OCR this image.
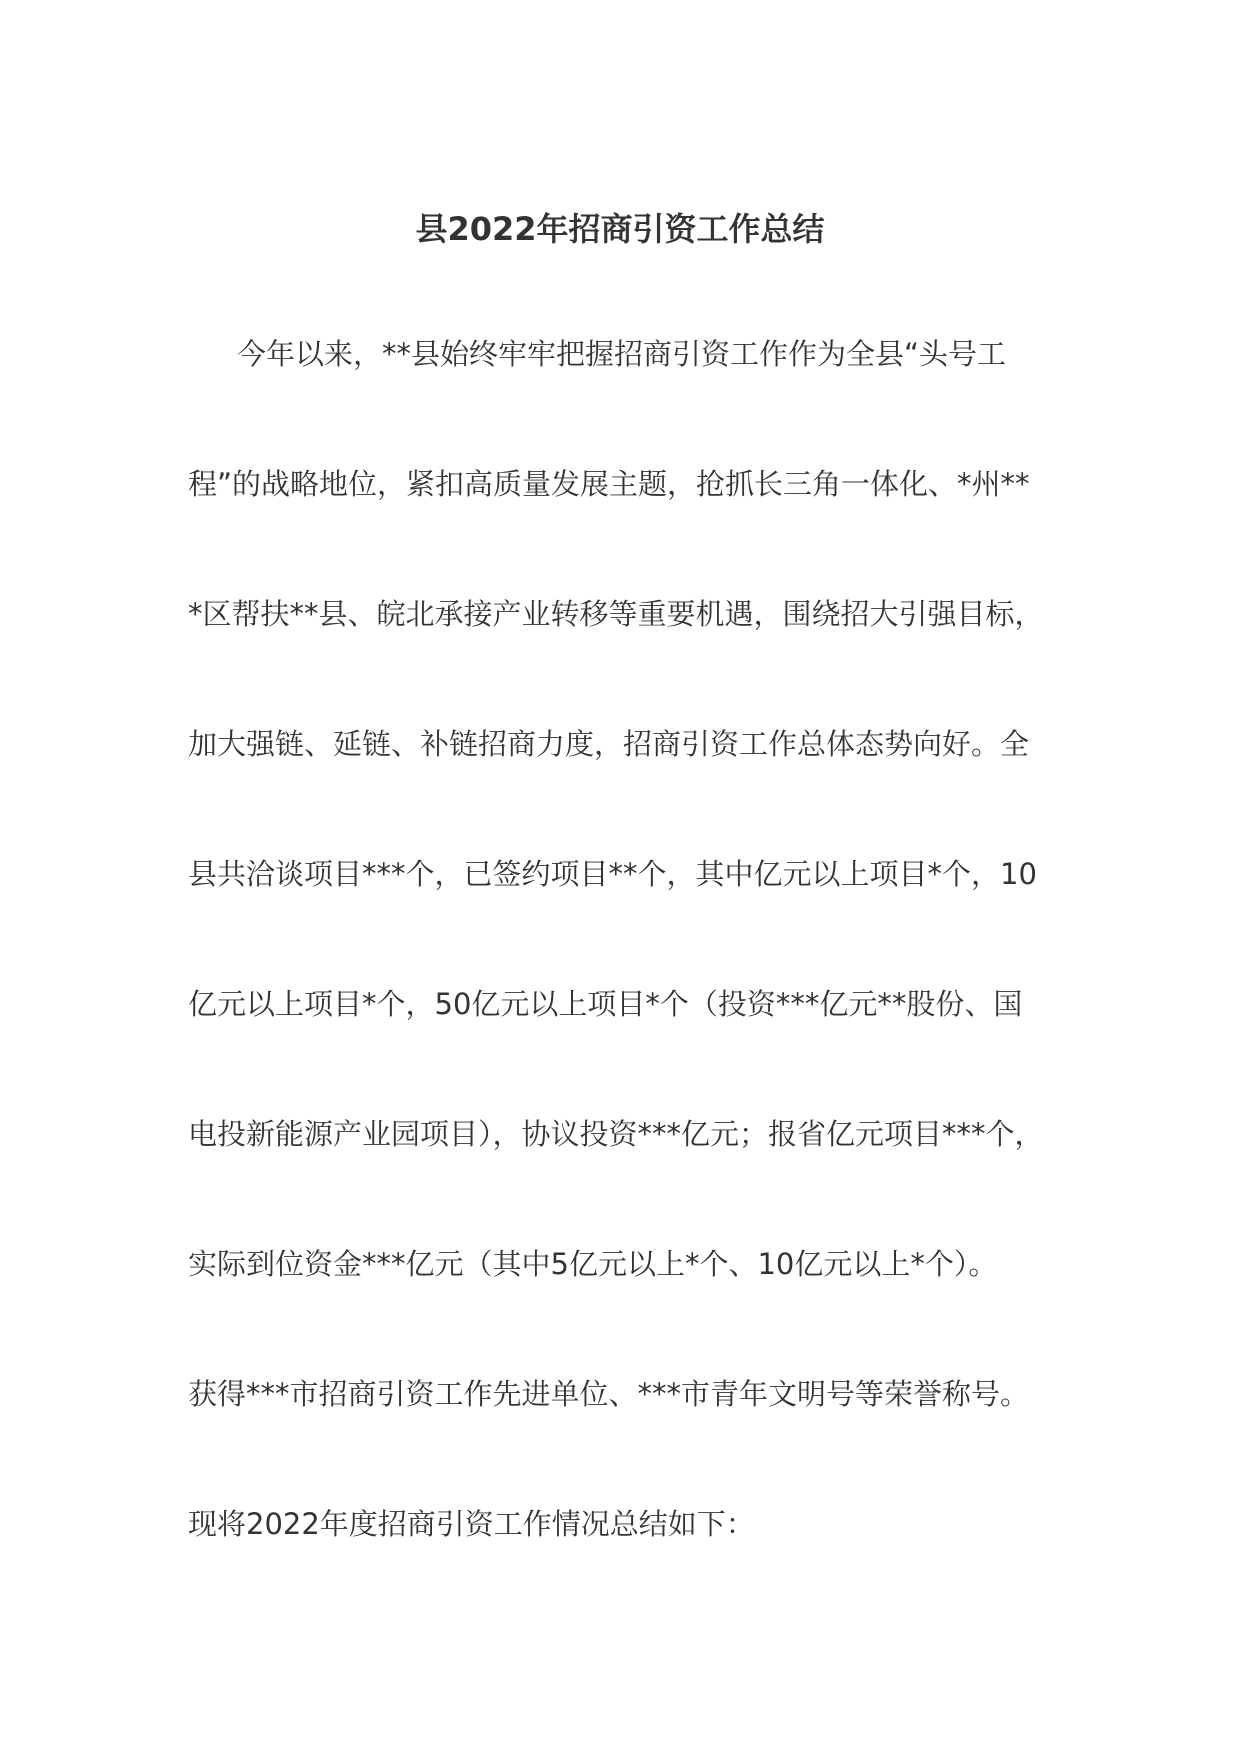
县2022年招商引资工作总结

今年以来，**县始终牢牢把握招商引资工作作为全县“头号工

程”的战略地位，紧扣高质量发展主题，抢抓长三角一体化、*州**

*区帮扶**县、皖北承接产业转移等重要机遇，围绕招大引强目标，

加大强链、延链、补链招商力度，招商引资工作总体态势向好。全

县共洽谈项目***个，已签约项目**个，其中亿元以上项目*个，10

亿元以上项目*个，50亿元以上项目*个（投资***亿元**股份、国

电投新能源产业园项目），协议投资***亿元；报省亿元项目***个，

实际到位资金***亿元（其中5亿元以上*个、10亿元以上*个）。

获得***市招商引资工作先进单位、***市青年文明号等荣誉称号。

现将2022年度招商引资工作情况总结如下：
